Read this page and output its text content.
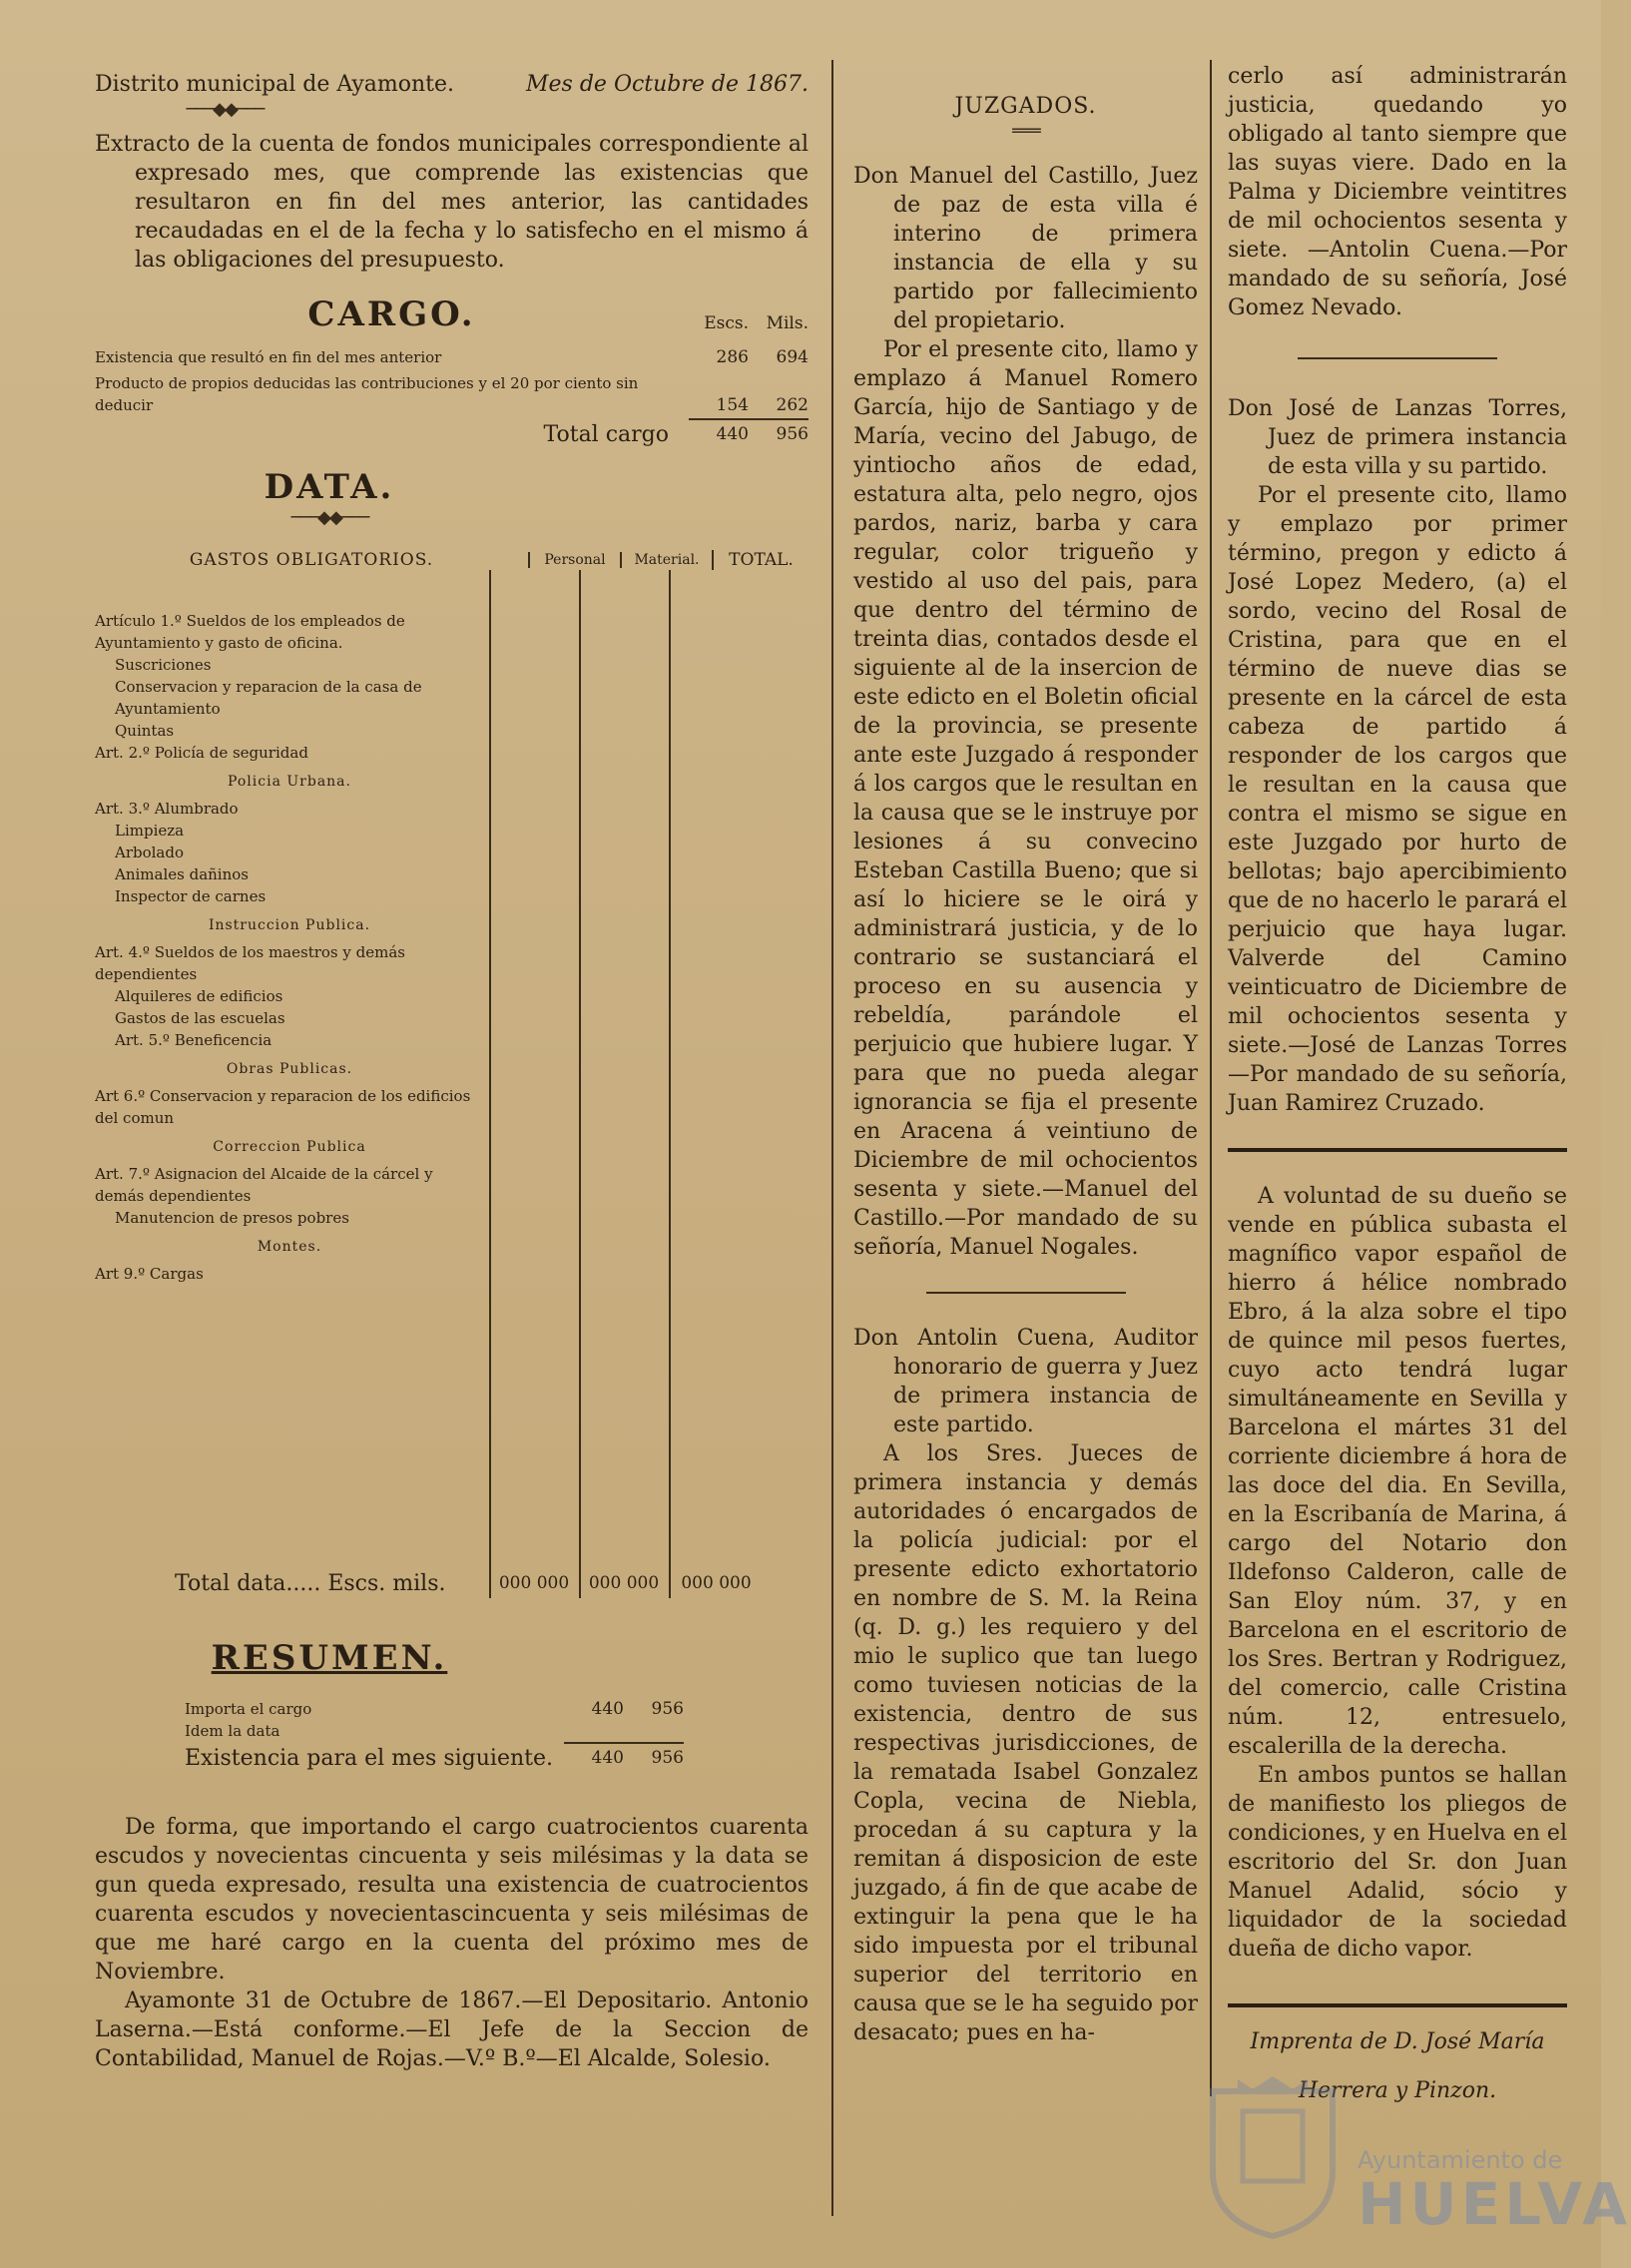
Distrito municipal de Ayamonte.	Mes de Octubre de 1867.
───◆◆───

Extracto de la cuenta de fondos municipales correspondiente al expresado mes, que comprende las existencias que resultaron en fin del mes anterior, las cantidades recaudadas en el de la fecha y lo satisfecho en el mismo á las obligaciones del presupuesto.

CARGO.	Escs.	Mils.
Existencia que resultó en fin del mes anterior	286	694
Producto de propios deducidas las contribuciones y el 20 por ciento sin deducir	154	262
Total cargo	440	956
DATA.
───◆◆───
GASTOS OBLIGATORIOS.	Personal	Material.	TOTAL.
Artículo 1.º Sueldos de los empleados de Ayuntamiento y gasto de oficina.
Suscriciones
Conservacion y reparacion de la casa de Ayuntamiento
Quintas
Art. 2.º Policía de seguridad
Policia Urbana.
Art. 3.º Alumbrado
Limpieza
Arbolado
Animales dañinos
Inspector de carnes
Instruccion Publica.
Art. 4.º Sueldos de los maestros y demás dependientes
Alquileres de edificios
Gastos de las escuelas
Art. 5.º Beneficencia
Obras Publicas.
Art 6.º Conservacion y reparacion de los edificios del comun
Correccion Publica
Art. 7.º Asignacion del Alcaide de la cárcel y demás dependientes
Manutencion de presos pobres
Montes.
Art 9.º Cargas
Total data..... Escs. mils.	000 000	000 000	000 000
RESUMEN.
Importa el cargo	440	956
Idem la data
Existencia para el mes siguiente.	440	956

De forma, que importando el cargo cuatrocientos cuarenta escudos y novecientas cincuenta y seis milésimas y la data se gun queda expresado, resulta una existencia de cuatrocientos cuarenta escudos y novecientascincuenta y seis milésimas de que me haré cargo en la cuenta del próximo mes de Noviembre.

Ayamonte 31 de Octubre de 1867.—El Depositario. Antonio Laserna.—Está conforme.—El Jefe de la Seccion de Contabilidad, Manuel de Rojas.—V.º B.º—El Alcalde, Solesio.

JUZGADOS.
═══

Don Manuel del Castillo, Juez de paz de esta villa é interino de primera instancia de ella y su partido por fallecimiento del propietario.

Por el presente cito, llamo y emplazo á Manuel Romero García, hijo de Santiago y de María, vecino del Jabugo, de yintiocho años de edad, estatura alta, pelo negro, ojos pardos, nariz, barba y cara regular, color trigueño y vestido al uso del pais, para que dentro del término de treinta dias, contados desde el siguiente al de la insercion de este edicto en el Boletin oficial de la provincia, se presente ante este Juzgado á responder á los cargos que le resultan en la causa que se le instruye por lesiones á su convecino Esteban Castilla Bueno; que si así lo hiciere se le oirá y administrará justicia, y de lo contrario se sustanciará el proceso en su ausencia y rebeldía, parándole el perjuicio que hubiere lugar. Y para que no pueda alegar ignorancia se fija el presente en Aracena á veintiuno de Diciembre de mil ochocientos sesenta y siete.—Manuel del Castillo.—Por mandado de su señoría, Manuel Nogales.

Don Antolin Cuena, Auditor honorario de guerra y Juez de primera instancia de este partido.

A los Sres. Jueces de primera instancia y demás autoridades ó encargados de la policía judicial: por el presente edicto exhortatorio en nombre de S. M. la Reina (q. D. g.) les requiero y del mio le suplico que tan luego como tuviesen noticias de la existencia, dentro de sus respectivas jurisdicciones, de la rematada Isabel Gonzalez Copla, vecina de Niebla, procedan á su captura y la remitan á disposicion de este juzgado, á fin de que acabe de extinguir la pena que le ha sido impuesta por el tribunal superior del territorio en causa que se le ha seguido por desacato; pues en ha-

cerlo así administrarán justicia, quedando yo obligado al tanto siempre que las suyas viere. Dado en la Palma y Diciembre veintitres de mil ochocientos sesenta y siete. —Antolin Cuena.—Por mandado de su señoría, José Gomez Nevado.

Don José de Lanzas Torres, Juez de primera instancia de esta villa y su partido.

Por el presente cito, llamo y emplazo por primer término, pregon y edicto á José Lopez Medero, (a) el sordo, vecino del Rosal de Cristina, para que en el término de nueve dias se presente en la cárcel de esta cabeza de partido á responder de los cargos que le resultan en la causa que contra el mismo se sigue en este Juzgado por hurto de bellotas; bajo apercibimiento que de no hacerlo le parará el perjuicio que haya lugar. Valverde del Camino veinticuatro de Diciembre de mil ochocientos sesenta y siete.—José de Lanzas Torres —Por mandado de su señoría, Juan Ramirez Cruzado.

A voluntad de su dueño se vende en pública subasta el magnífico vapor español de hierro á hélice nombrado Ebro, á la alza sobre el tipo de quince mil pesos fuertes, cuyo acto tendrá lugar simultáneamente en Sevilla y Barcelona el mártes 31 del corriente diciembre á hora de las doce del dia. En Sevilla, en la Escribanía de Marina, á cargo del Notario don Ildefonso Calderon, calle de San Eloy núm. 37, y en Barcelona en el escritorio de los Sres. Bertran y Rodriguez, del comercio, calle Cristina núm. 12, entresuelo, escalerilla de la derecha.

En ambos puntos se hallan de manifiesto los pliegos de condiciones, y en Huelva en el escritorio del Sr. don Juan Manuel Adalid, sócio y liquidador de la sociedad dueña de dicho vapor.

Imprenta de D. José María

Herrera y Pinzon.

Ayuntamiento de
HUELVA
